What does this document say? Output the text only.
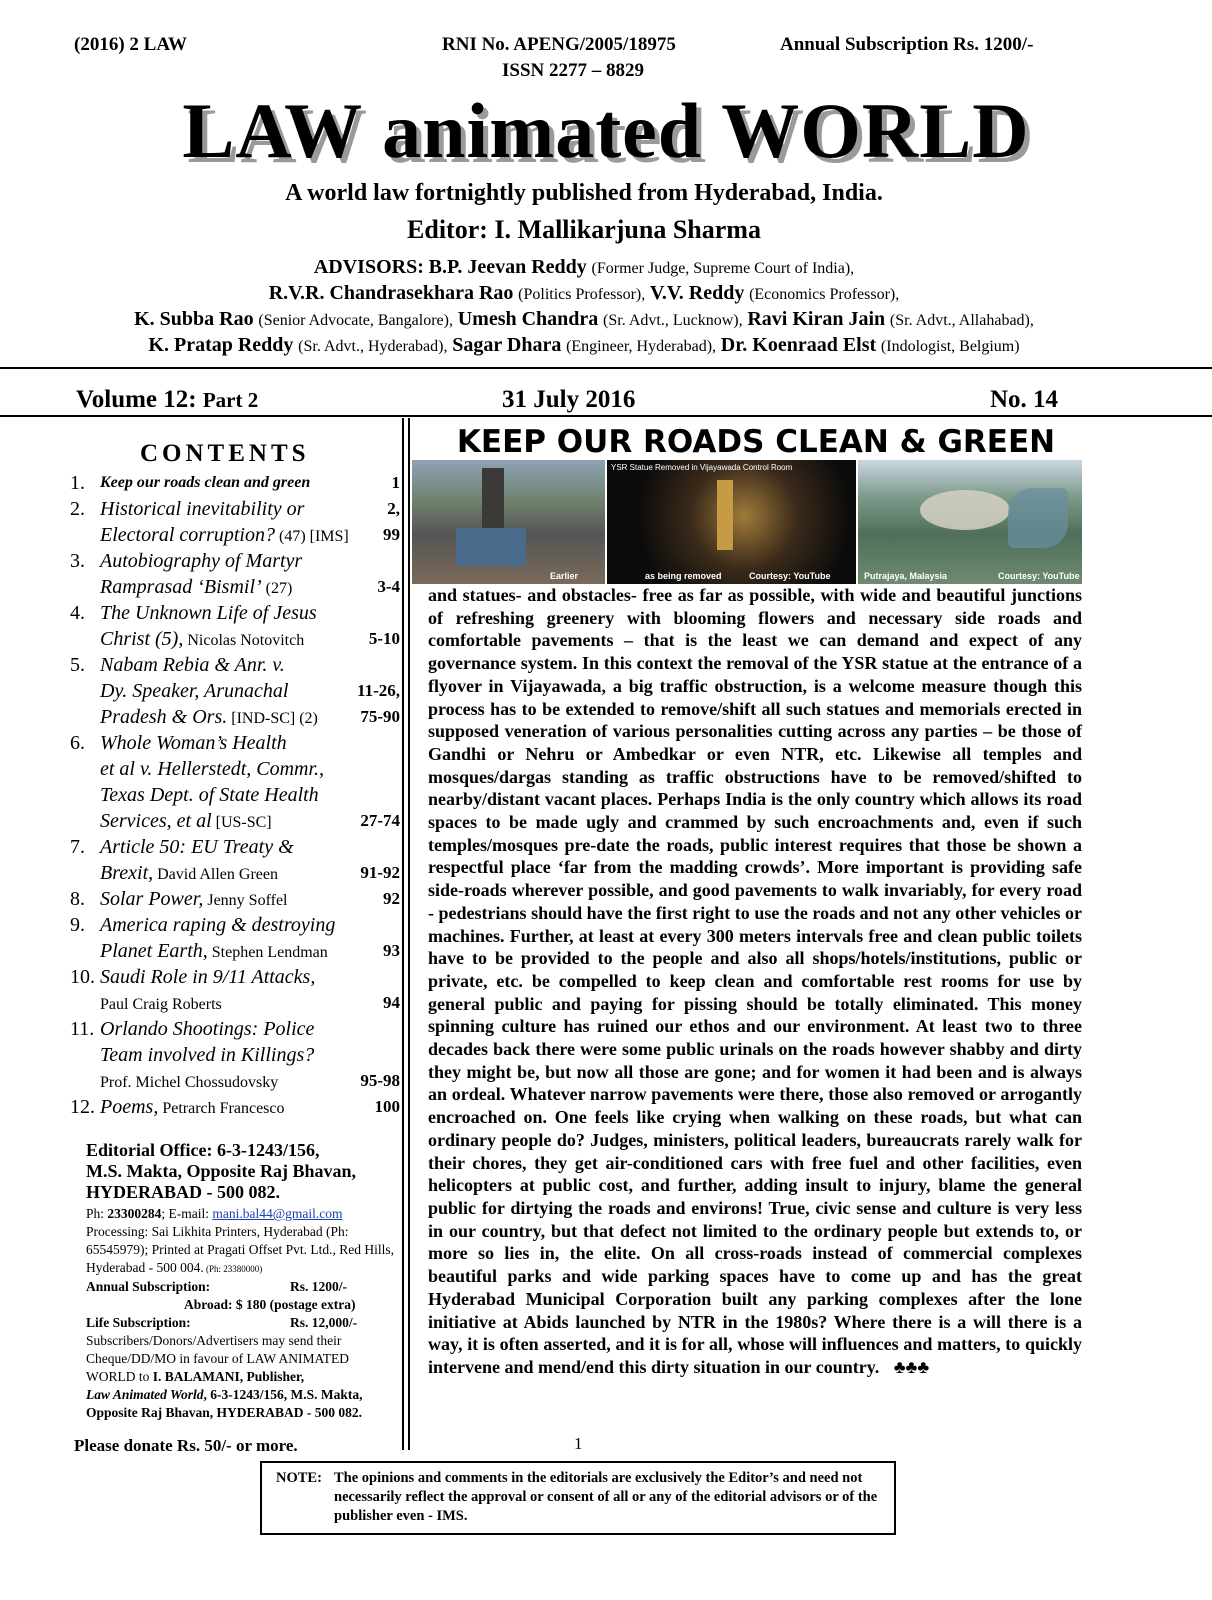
(2016) 2 LAW	RNI No. APENG/2005/18975
ISSN 2277 – 8829
Annual Subscription Rs. 1200/-
LAW animated WORLD
A world law fortnightly published from Hyderabad, India.
Editor: I. Mallikarjuna Sharma
ADVISORS: B.P. Jeevan Reddy (Former Judge, Supreme Court of India),
R.V.R. Chandrasekhara Rao (Politics Professor), V.V. Reddy (Economics Professor),
K. Subba Rao (Senior Advocate, Bangalore), Umesh Chandra (Sr. Advt., Lucknow), Ravi Kiran Jain (Sr. Advt., Allahabad),
K. Pratap Reddy (Sr. Advt., Hyderabad), Sagar Dhara (Engineer, Hyderabad), Dr. Koenraad Elst (Indologist, Belgium)
Volume 12: Part 2	31 July 2016	No. 14
CONTENTS
1. Keep our roads clean and green	1
2. Historical inevitability or	2,
Electoral corruption? (47) [IMS] 99
3. Autobiography of Martyr
Ramprasad ‘Bismil’ (27)	3-4
4. The Unknown Life of Jesus
Christ (5), Nicolas Notovitch	5-10
5. Nabam Rebia & Anr. v.
Dy. Speaker, Arunachal	11-26,
Pradesh & Ors. [IND-SC] (2) 75-90
6. Whole Woman’s Health
et al v. Hellerstedt, Commr.,
Texas Dept. of State Health
Services, et al [US-SC]	27-74
7. Article 50: EU Treaty &
Brexit, David Allen Green	91-92
8. Solar Power, Jenny Soffel	92
9. America raping & destroying
Planet Earth, Stephen Lendman	93
10. Saudi Role in 9/11 Attacks,
Paul Craig Roberts	94
11. Orlando Shootings: Police
Team involved in Killings?
Prof. Michel Chossudovsky	95-98
12. Poems, Petrarch Francesco	100
Editorial Office: 6-3-1243/156,
M.S. Makta, Opposite Raj Bhavan,
HYDERABAD - 500 082.
Ph: 23300284; E-mail: mani.bal44@gmail.com
Processing: Sai Likhita Printers, Hyderabad (Ph: 65545979); Printed at Pragati Offset Pvt. Ltd., Red Hills, Hyderabad - 500 004. (Ph: 23380000)
Annual Subscription:	Rs. 1200/-
Abroad: $ 180 (postage extra)
Life Subscription:	Rs. 12,000/-
Subscribers/Donors/Advertisers may send their Cheque/DD/MO in favour of LAW ANIMATED WORLD to I. BALAMANI, Publisher,
Law Animated World, 6-3-1243/156, M.S. Makta, Opposite Raj Bhavan, HYDERABAD - 500 082.
KEEP OUR ROADS CLEAN & GREEN
Earlier
YSR Statue Removed in Vijayawada Control Room
as being removed	Courtesy: YouTube	Putrajaya, Malaysia	Courtesy: YouTube
and statues- and obstacles- free as far as possible, with wide and beautiful junctions of refreshing greenery with blooming flowers and necessary side roads and comfortable pavements – that is the least we can demand and expect of any governance system. In this context the removal of the YSR statue at the entrance of a flyover in Vijayawada, a big traffic obstruction, is a welcome measure though this process has to be extended to remove/shift all such statues and memorials erected in supposed veneration of various personalities cutting across any parties – be those of Gandhi or Nehru or Ambedkar or even NTR, etc. Likewise all temples and mosques/dargas standing as traffic obstructions have to be removed/shifted to nearby/distant vacant places. Perhaps India is the only country which allows its road spaces to be made ugly and crammed by such encroachments and, even if such temples/mosques pre-date the roads, public interest requires that those be shown a respectful place ‘far from the madding crowds’. More important is providing safe side-roads wherever possible, and good pavements to walk invariably, for every road - pedestrians should have the first right to use the roads and not any other vehicles or machines. Further, at least at every 300 meters intervals free and clean public toilets have to be provided to the people and also all shops/hotels/institutions, public or private, etc. be compelled to keep clean and comfortable rest rooms for use by general public and paying for pissing should be totally eliminated. This money spinning culture has ruined our ethos and our environment. At least two to three decades back there were some public urinals on the roads however shabby and dirty they might be, but now all those are gone; and for women it had been and is always an ordeal. Whatever narrow pavements were there, those also removed or arrogantly encroached on. One feels like crying when walking on these roads, but what can ordinary people do? Judges, ministers, political leaders, bureaucrats rarely walk for their chores, they get air-conditioned cars with free fuel and other facilities, even helicopters at public cost, and further, adding insult to injury, blame the general public for dirtying the roads and environs! True, civic sense and culture is very less in our country, but that defect not limited to the ordinary people but extends to, or more so lies in, the elite. On all cross-roads instead of commercial complexes beautiful parks and wide parking spaces have to come up and has the great Hyderabad Municipal Corporation built any parking complexes after the lone initiative at Abids launched by NTR in the 1980s? Where there is a will there is a way, it is often asserted, and it is for all, whose will influences and matters, to quickly intervene and mend/end this dirty situation in our country. ♣♣♣
Please donate Rs. 50/- or more.	1
NOTE: The opinions and comments in the editorials are exclusively the Editor’s and need not necessarily reflect the approval or consent of all or any of the editorial advisors or of the publisher even - IMS.
